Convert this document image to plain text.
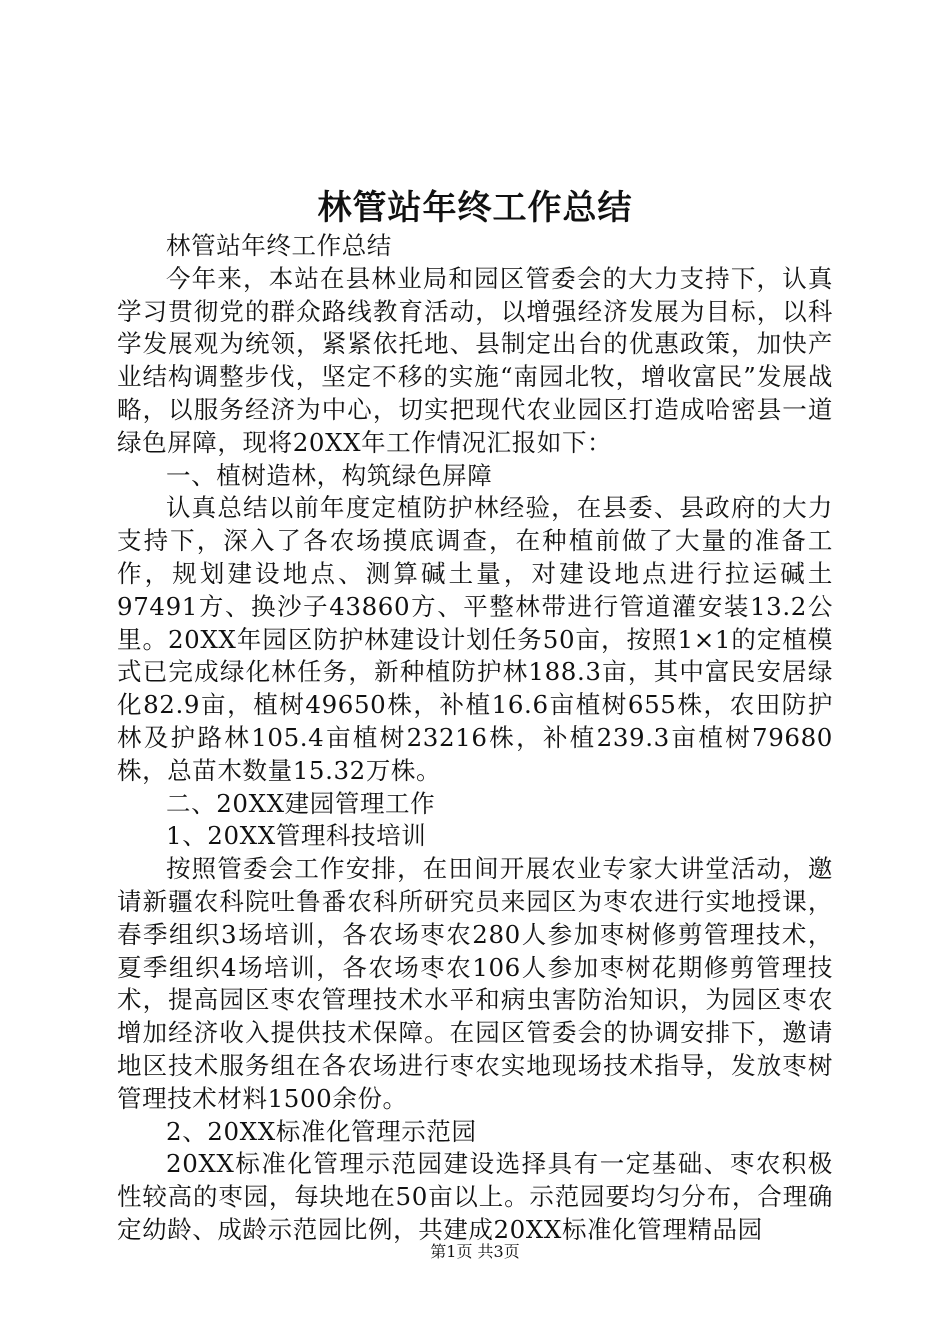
林管站年终工作总结

林管站年终工作总结

今年来，本站在县林业局和园区管委会的大力支持下，认真学习贯彻党的群众路线教育活动，以增强经济发展为目标，以科学发展观为统领，紧紧依托地、县制定出台的优惠政策，加快产业结构调整步伐，坚定不移的实施“南园北牧，增收富民”发展战略，以服务经济为中心，切实把现代农业园区打造成哈密县一道绿色屏障，现将20XX年工作情况汇报如下：

一、植树造林，构筑绿色屏障

认真总结以前年度定植防护林经验，在县委、县政府的大力支持下，深入了各农场摸底调查，在种植前做了大量的准备工作，规划建设地点、测算碱土量，对建设地点进行拉运碱土97491方、换沙子43860方、平整林带进行管道灌安装13.2公里。20XX年园区防护林建设计划任务50亩，按照1×1的定植模式已完成绿化林任务，新种植防护林188.3亩，其中富民安居绿化82.9亩，植树49650株，补植16.6亩植树655株，农田防护林及护路林105.4亩植树23216株，补植239.3亩植树79680株，总苗木数量15.32万株。

二、20XX建园管理工作

1、20XX管理科技培训

按照管委会工作安排，在田间开展农业专家大讲堂活动，邀请新疆农科院吐鲁番农科所研究员来园区为枣农进行实地授课，春季组织3场培训，各农场枣农280人参加枣树修剪管理技术，夏季组织4场培训，各农场枣农106人参加枣树花期修剪管理技术，提高园区枣农管理技术水平和病虫害防治知识，为园区枣农增加经济收入提供技术保障。在园区管委会的协调安排下，邀请地区技术服务组在各农场进行枣农实地现场技术指导，发放枣树管理技术材料1500余份。

2、20XX标准化管理示范园

20XX标准化管理示范园建设选择具有一定基础、枣农积极性较高的枣园，每块地在50亩以上。示范园要均匀分布，合理确定幼龄、成龄示范园比例，共建成20XX标准化管理精品园

第1页 共3页
